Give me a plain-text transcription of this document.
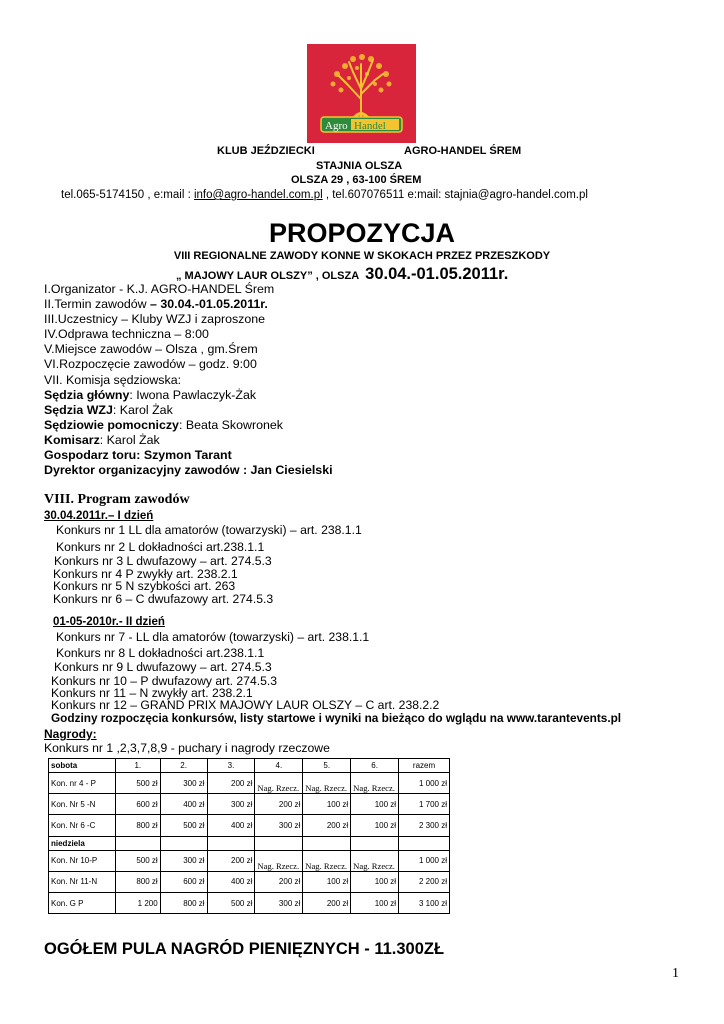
Agro Handel
KLUB JEŹDZIECKI	AGRO-HANDEL ŚREM
STAJNIA OLSZA
OLSZA 29 , 63-100 ŚREM
tel.065-5174150 , e:mail : info@agro-handel.com.pl , tel.607076511 e:mail: stajnia@agro-handel.com.pl
PROPOZYCJA
VIII REGIONALNE ZAWODY KONNE W SKOKACH PRZEZ PRZESZKODY
„ MAJOWY LAUR OLSZY” , OLSZA 30.04.-01.05.2011r.
I.Organizator - K.J. AGRO-HANDEL Śrem
II.Termin zawodów – 30.04.-01.05.2011r.
III.Uczestnicy – Kluby WZJ i zaproszone
IV.Odprawa techniczna – 8:00
V.Miejsce zawodów – Olsza , gm.Śrem
VI.Rozpoczęcie zawodów – godz. 9:00
VII. Komisja sędziowska:
Sędzia główny: Iwona Pawlaczyk-Żak
Sędzia WZJ: Karol Żak
Sędziowie pomocniczy: Beata Skowronek
Komisarz: Karol Żak
Gospodarz toru: Szymon Tarant
Dyrektor organizacyjny zawodów : Jan Ciesielski
VIII. Program zawodów
30.04.2011r.– I dzień
Konkurs nr 1 LL dla amatorów (towarzyski) – art. 238.1.1
Konkurs nr 2 L dokładności art.238.1.1
Konkurs nr 3 L dwufazowy – art. 274.5.3
Konkurs nr 4 P zwykły art. 238.2.1
Konkurs nr 5 N szybkości art. 263
Konkurs nr 6 – C dwufazowy art. 274.5.3
01-05-2010r.- II dzień
Konkurs nr 7 - LL dla amatorów (towarzyski) – art. 238.1.1
Konkurs nr 8 L dokładności art.238.1.1
Konkurs nr 9 L dwufazowy – art. 274.5.3
Konkurs nr 10 – P dwufazowy art. 274.5.3
Konkurs nr 11 – N zwykły art. 238.2.1
Konkurs nr 12 – GRAND PRIX MAJOWY LAUR OLSZY – C art. 238.2.2
Godziny rozpoczęcia konkursów, listy startowe i wyniki na bieżąco do wglądu na www.tarantevents.pl
Nagrody:
Konkurs nr 1 ,2,3,7,8,9 - puchary i nagrody rzeczowe
sobota	1.	2.	3.	4.	5.	6.	razem
Kon. nr 4 - P	500 zł	300 zł	200 zł	Nag. Rzecz.	Nag. Rzecz.	Nag. Rzecz.	1 000 zł
Kon. Nr 5 -N	600 zł	400 zł	300 zł	200 zł	100 zł	100 zł	1 700 zł
Kon. Nr 6 -C	800 zł	500 zł	400 zł	300 zł	200 zł	100 zł	2 300 zł
niedziela							
Kon. Nr 10-P	500 zł	300 zł	200 zł	Nag. Rzecz.	Nag. Rzecz.	Nag. Rzecz.	1 000 zł
Kon. Nr 11-N	800 zł	600 zł	400 zł	200 zł	100 zł	100 zł	2 200 zł
Kon. G P	1 200	800 zł	500 zł	300 zł	200 zł	100 zł	3 100 zł
OGÓŁEM PULA NAGRÓD PIENIĘZNYCH - 11.300ZŁ
1
